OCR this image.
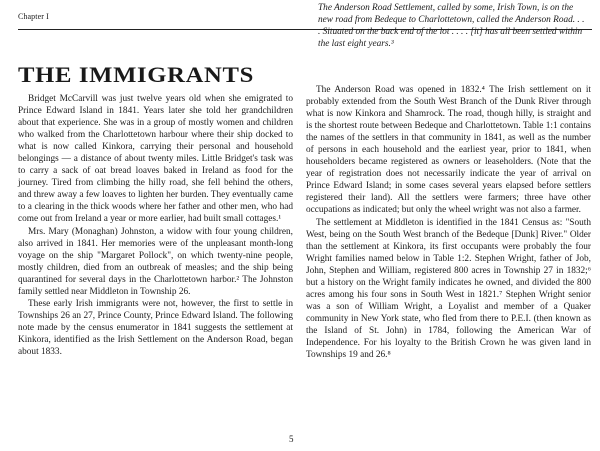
Chapter I
THE IMMIGRANTS

Bridget McCarvill was just twelve years old when she emigrated to Prince Edward Island in 1841. Years later she told her grandchildren about that experience. She was in a group of mostly women and children who walked from the Charlottetown harbour where their ship docked to what is now called Kinkora, carrying their personal and household belongings — a distance of about twenty miles. Little Bridget's task was to carry a sack of oat bread loaves baked in Ireland as food for the journey. Tired from climbing the hilly road, she fell behind the others, and threw away a few loaves to lighten her burden. They eventually came to a clearing in the thick woods where her father and other men, who had come out from Ireland a year or more earlier, had built small cottages.¹

Mrs. Mary (Monaghan) Johnston, a widow with four young children, also arrived in 1841. Her memories were of the unpleasant month-long voyage on the ship "Margaret Pollock", on which twenty-nine people, mostly children, died from an outbreak of measles; and the ship being quarantined for several days in the Charlottetown harbor.² The Johnston family settled near Middleton in Township 26.

These early Irish immigrants were not, however, the first to settle in Townships 26 an 27, Prince County, Prince Edward Island. The following note made by the census enumerator in 1841 suggests the settlement at Kinkora, identified as the Irish Settlement on the Anderson Road, began about 1833.

The Anderson Road Settlement, called by some, Irish Town, is on the new road from Bedeque to Charlottetown, called the Anderson Road. . . . Situated on the back end of the lot . . . . [it] has all been settled within the last eight years.³

The Anderson Road was opened in 1832.⁴ The Irish settlement on it probably extended from the South West Branch of the Dunk River through what is now Kinkora and Shamrock. The road, though hilly, is straight and is the shortest route between Bedeque and Charlottetown. Table 1:1 contains the names of the settlers in that community in 1841, as well as the number of persons in each household and the earliest year, prior to 1841, when householders became registered as owners or leaseholders. (Note that the year of registration does not necessarily indicate the year of arrival on Prince Edward Island; in some cases several years elapsed before settlers registered their land). All the settlers were farmers; three have other occupations as indicated; but only the wheel wright was not also a farmer.

The settlement at Middleton is identified in the 1841 Census as: "South West, being on the South West branch of the Bedeque [Dunk] River." Older than the settlement at Kinkora, its first occupants were probably the four Wright families named below in Table 1:2. Stephen Wright, father of Job, John, Stephen and William, registered 800 acres in Township 27 in 1832;⁶ but a history on the Wright family indicates he owned, and divided the 800 acres among his four sons in South West in 1821.⁷ Stephen Wright senior was a son of William Wright, a Loyalist and member of a Quaker community in New York state, who fled from there to P.E.I. (then known as the Island of St. John) in 1784, following the American War of Independence. For his loyalty to the British Crown he was given land in Townships 19 and 26.⁸

5
